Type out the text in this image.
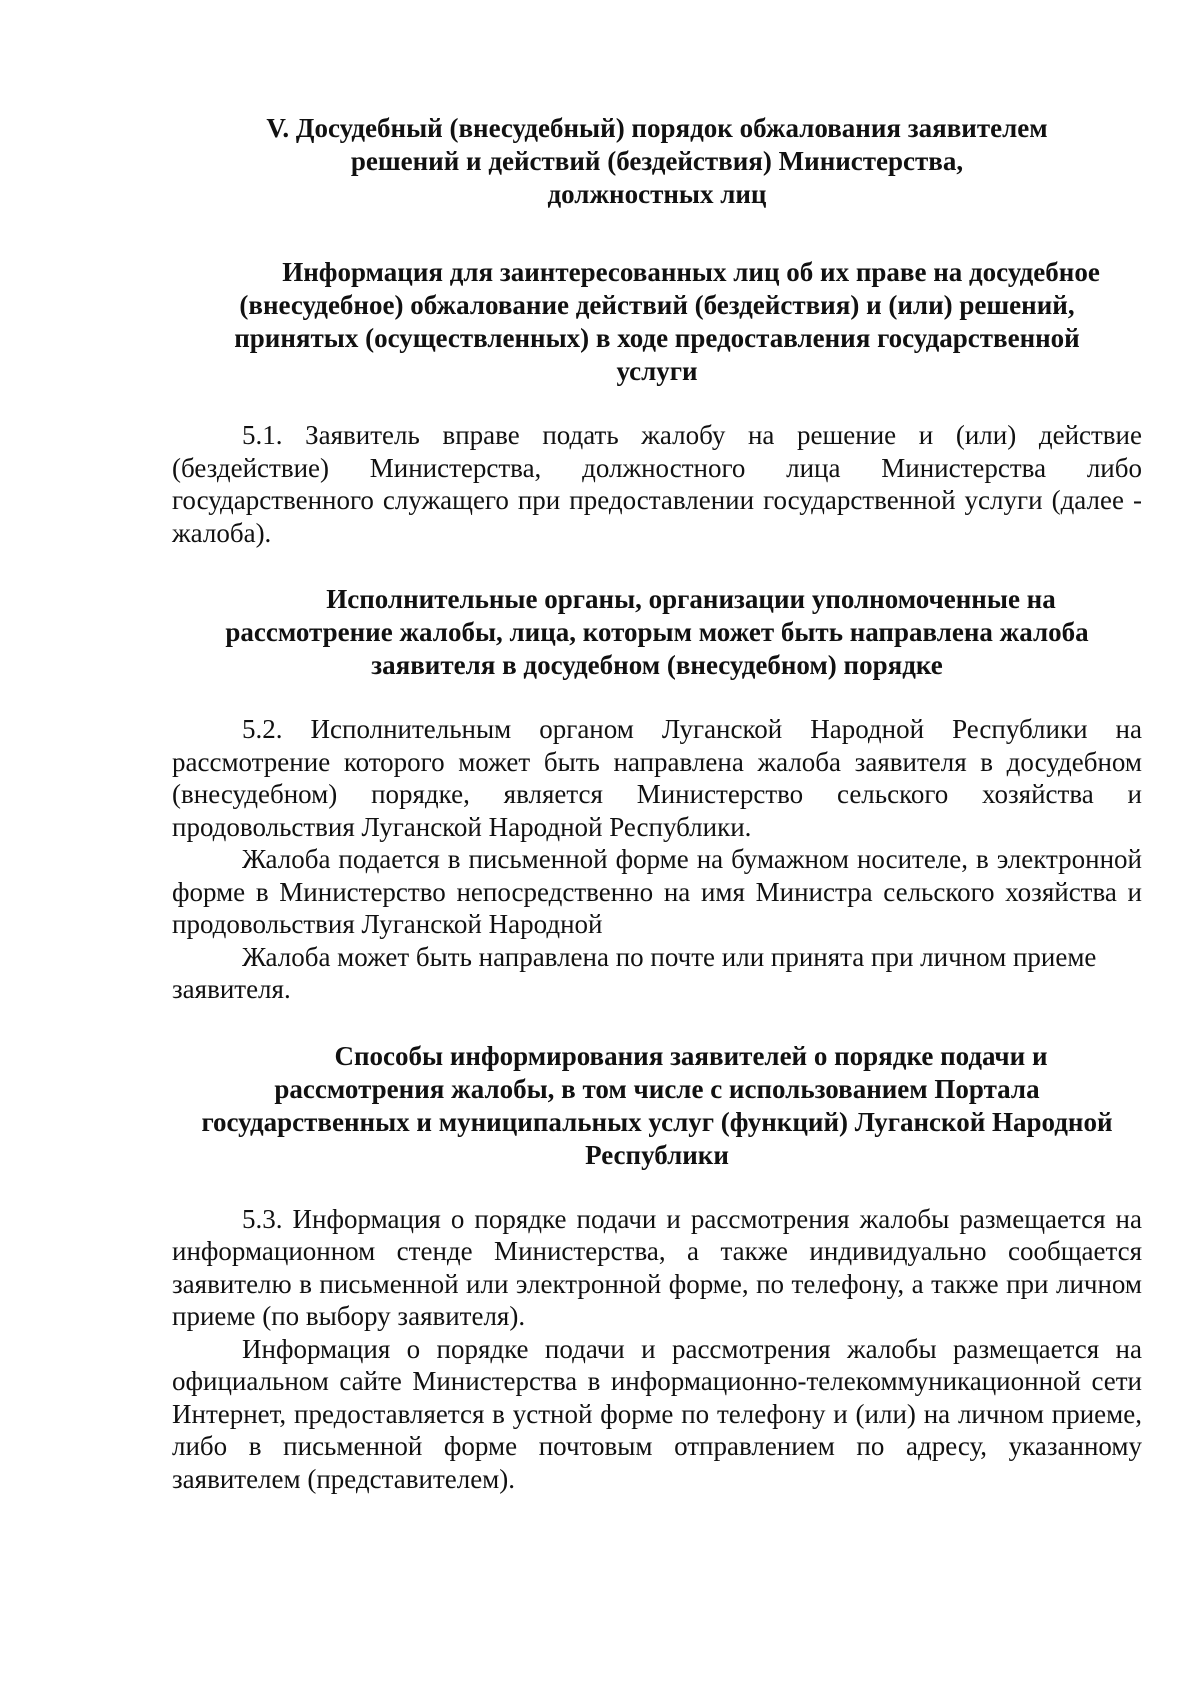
V. Досудебный (внесудебный) порядок обжалования заявителем
решений и действий (бездействия) Министерства,
должностных лиц
Информация для заинтересованных лиц об их праве на досудебное
(внесудебное) обжалование действий (бездействия) и (или) решений,
принятых (осуществленных) в ходе предоставления государственной
услуги

5.1. Заявитель вправе подать жалобу на решение и (или) действие (бездействие) Министерства, должностного лица Министерства либо государственного служащего при предоставлении государственной услуги (далее - жалоба).

Исполнительные органы, организации уполномоченные на
рассмотрение жалобы, лица, которым может быть направлена жалоба
заявителя в досудебном (внесудебном) порядке

5.2. Исполнительным органом Луганской Народной Республики на рассмотрение которого может быть направлена жалоба заявителя в досудебном (внесудебном) порядке, является Министерство сельского хозяйства и продовольствия Луганской Народной Республики.

Жалоба подается в письменной форме на бумажном носителе, в электронной форме в Министерство непосредственно на имя Министра сельского хозяйства и продовольствия Луганской Народной

Жалоба может быть направлена по почте или принята при личном приеме заявителя.

Способы информирования заявителей о порядке подачи и
рассмотрения жалобы, в том числе с использованием Портала
государственных и муниципальных услуг (функций) Луганской Народной
Республики

5.3. Информация о порядке подачи и рассмотрения жалобы размещается на информационном стенде Министерства, а также индивидуально сообщается заявителю в письменной или электронной форме, по телефону, а также при личном приеме (по выбору заявителя).

Информация о порядке подачи и рассмотрения жалобы размещается на официальном сайте Министерства в информационно-телекоммуникационной сети Интернет, предоставляется в устной форме по телефону и (или) на личном приеме, либо в письменной форме почтовым отправлением по адресу, указанному заявителем (представителем).
